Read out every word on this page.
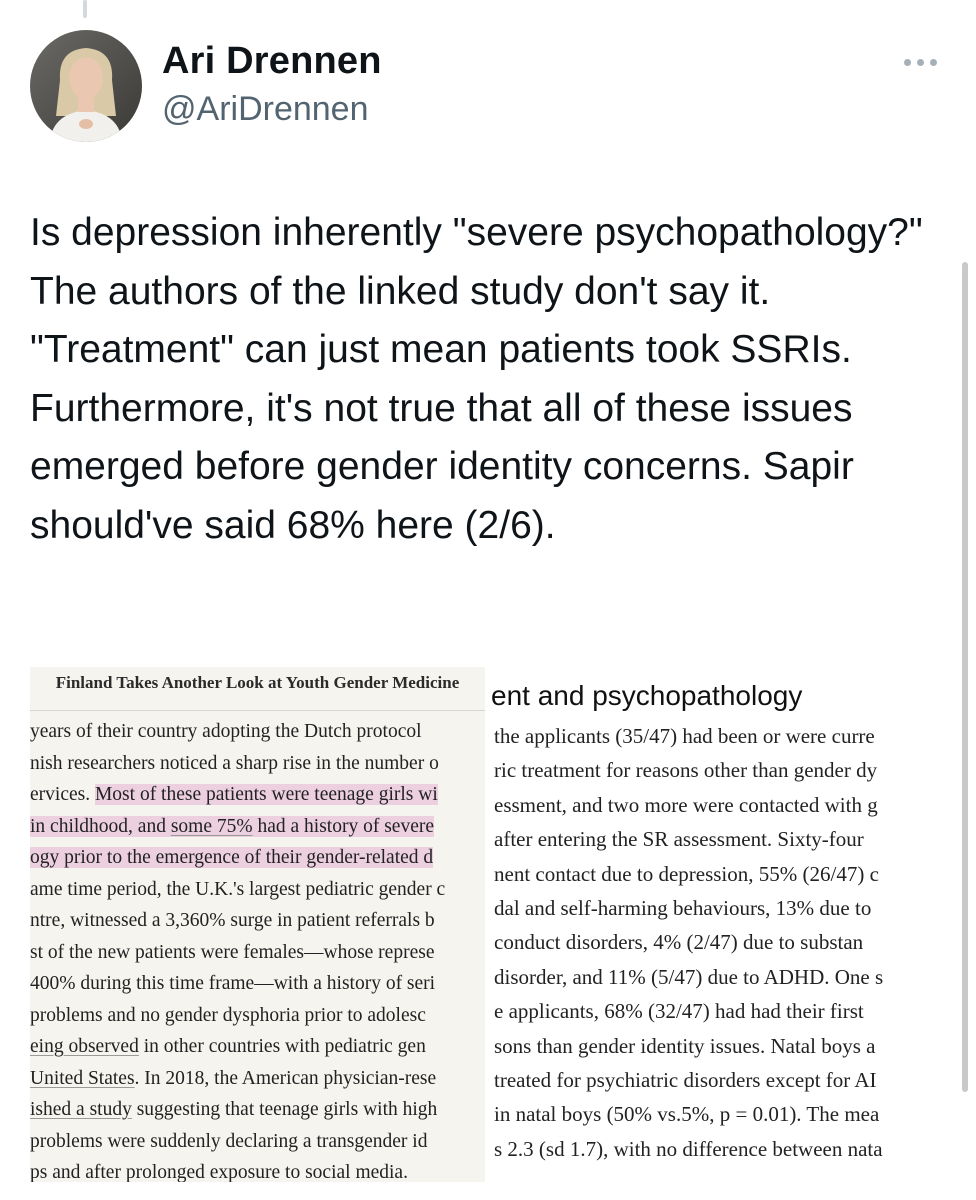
Ari Drennen
@AriDrennen

Is depression inherently "severe psychopathology?" The authors of the linked study don't say it. "Treatment" can just mean patients took SSRIs. Furthermore, it's not true that all of these issues emerged before gender identity concerns. Sapir should've said 68% here (2/6).

Finland Takes Another Look at Youth Gender Medicine
years of their country adopting the Dutch protocol
nish researchers noticed a sharp rise in the number o
ervices. Most of these patients were teenage girls wi
in childhood, and some 75% had a history of severe
ogy prior to the emergence of their gender-related d
ame time period, the U.K.'s largest pediatric gender c
ntre, witnessed a 3,360% surge in patient referrals b
st of the new patients were females—whose represe
400% during this time frame—with a history of seri
problems and no gender dysphoria prior to adolesc
eing observed in other countries with pediatric gen
United States. In 2018, the American physician-rese
ished a study suggesting that teenage girls with high
problems were suddenly declaring a transgender id
ps and after prolonged exposure to social media.
ent and psychopathology
the applicants (35/47) had been or were curre
ric treatment for reasons other than gender dy
essment, and two more were contacted with g
after entering the SR assessment. Sixty-four
nent contact due to depression, 55% (26/47) c
dal and self-harming behaviours, 13% due to
conduct disorders, 4% (2/47) due to substan
disorder, and 11% (5/47) due to ADHD. One s
e applicants, 68% (32/47) had had their first
sons than gender identity issues. Natal boys a
treated for psychiatric disorders except for AI
in natal boys (50% vs.5%, p = 0.01). The mea
s 2.3 (sd 1.7), with no difference between nata
